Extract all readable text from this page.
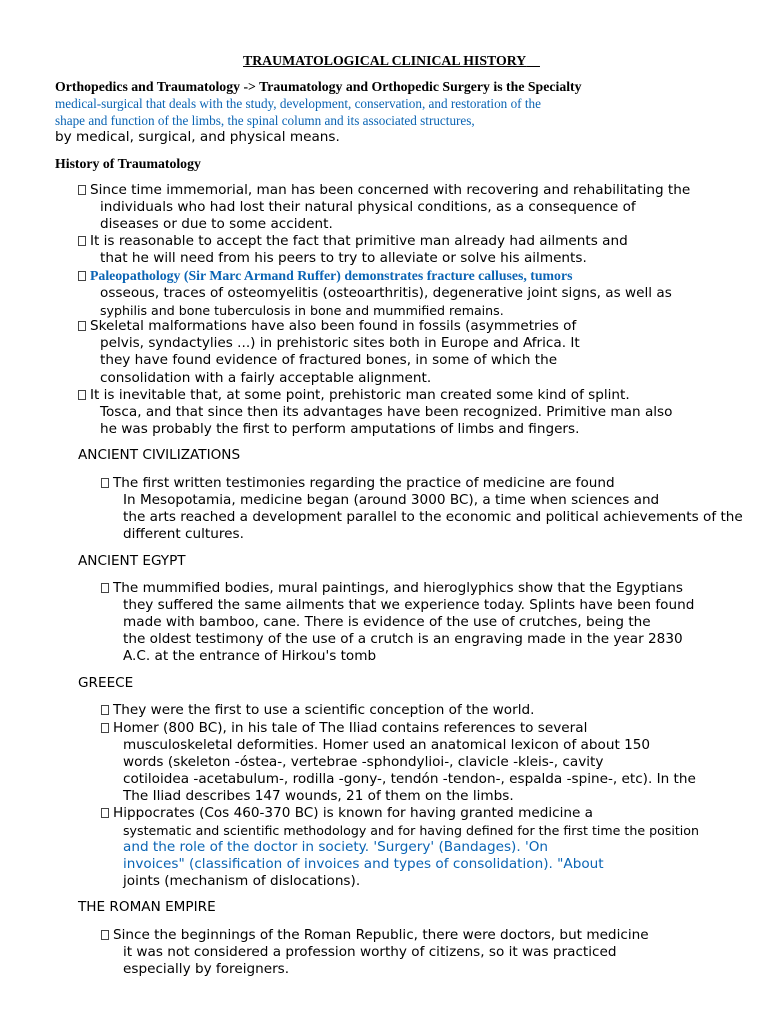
TRAUMATOLOGICAL CLINICAL HISTORY
Orthopedics and Traumatology -> Traumatology and Orthopedic Surgery is the Specialty
medical-surgical that deals with the study, development, conservation, and restoration of the
shape and function of the limbs, the spinal column and its associated structures,
by medical, surgical, and physical means.
History of Traumatology
Since time immemorial, man has been concerned with recovering and rehabilitating the
individuals who had lost their natural physical conditions, as a consequence of
diseases or due to some accident.
It is reasonable to accept the fact that primitive man already had ailments and
that he will need from his peers to try to alleviate or solve his ailments.
Paleopathology (Sir Marc Armand Ruffer) demonstrates fracture calluses, tumors
osseous, traces of osteomyelitis (osteoarthritis), degenerative joint signs, as well as
syphilis and bone tuberculosis in bone and mummified remains.
Skeletal malformations have also been found in fossils (asymmetries of
pelvis, syndactylies ...) in prehistoric sites both in Europe and Africa. It
they have found evidence of fractured bones, in some of which the
consolidation with a fairly acceptable alignment.
It is inevitable that, at some point, prehistoric man created some kind of splint.
Tosca, and that since then its advantages have been recognized. Primitive man also
he was probably the first to perform amputations of limbs and fingers.
ANCIENT CIVILIZATIONS
The first written testimonies regarding the practice of medicine are found
In Mesopotamia, medicine began (around 3000 BC), a time when sciences and
the arts reached a development parallel to the economic and political achievements of the
different cultures.
ANCIENT EGYPT
The mummified bodies, mural paintings, and hieroglyphics show that the Egyptians
they suffered the same ailments that we experience today. Splints have been found
made with bamboo, cane. There is evidence of the use of crutches, being the
the oldest testimony of the use of a crutch is an engraving made in the year 2830
A.C. at the entrance of Hirkou's tomb
GREECE
They were the first to use a scientific conception of the world.
Homer (800 BC), in his tale of The Iliad contains references to several
musculoskeletal deformities. Homer used an anatomical lexicon of about 150
words (skeleton -óstea-, vertebrae -sphondylioi-, clavicle -kleis-, cavity
cotiloidea -acetabulum-, rodilla -gony-, tendón -tendon-, espalda -spine-, etc). In the
The Iliad describes 147 wounds, 21 of them on the limbs.
Hippocrates (Cos 460-370 BC) is known for having granted medicine a
systematic and scientific methodology and for having defined for the first time the position
and the role of the doctor in society. 'Surgery' (Bandages). 'On
invoices" (classification of invoices and types of consolidation). "About
joints (mechanism of dislocations).
THE ROMAN EMPIRE
Since the beginnings of the Roman Republic, there were doctors, but medicine
it was not considered a profession worthy of citizens, so it was practiced
especially by foreigners.
